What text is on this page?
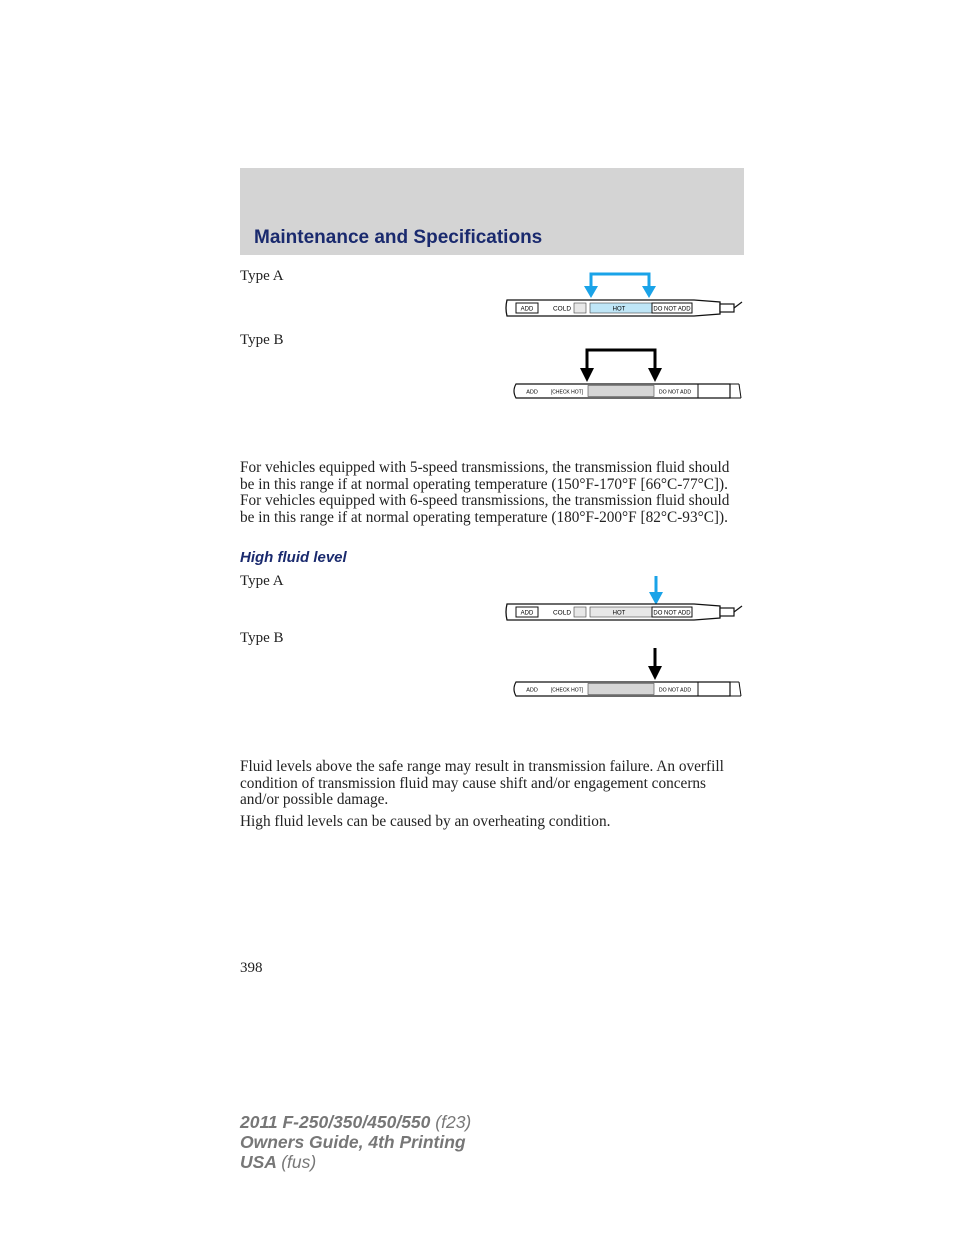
Maintenance and Specifications
Type A
ADD	COLD	HOT	DO NOT ADD
Type B
ADD	[CHECK HOT]	DO NOT ADD

For vehicles equipped with 5-speed transmissions, the transmission fluid should be in this range if at normal operating temperature (150°F-170°F [66°C-77°C]). For vehicles equipped with 6-speed transmissions, the transmission fluid should be in this range if at normal operating temperature (180°F-200°F [82°C-93°C]).

High fluid level
Type A
ADD	COLD	HOT	DO NOT ADD
Type B
ADD	[CHECK HOT]	DO NOT ADD

Fluid levels above the safe range may result in transmission failure. An overfill condition of transmission fluid may cause shift and/or engagement concerns and/or possible damage.

High fluid levels can be caused by an overheating condition.

398
2011 F-250/350/450/550 (f23)
Owners Guide, 4th Printing
USA (fus)
